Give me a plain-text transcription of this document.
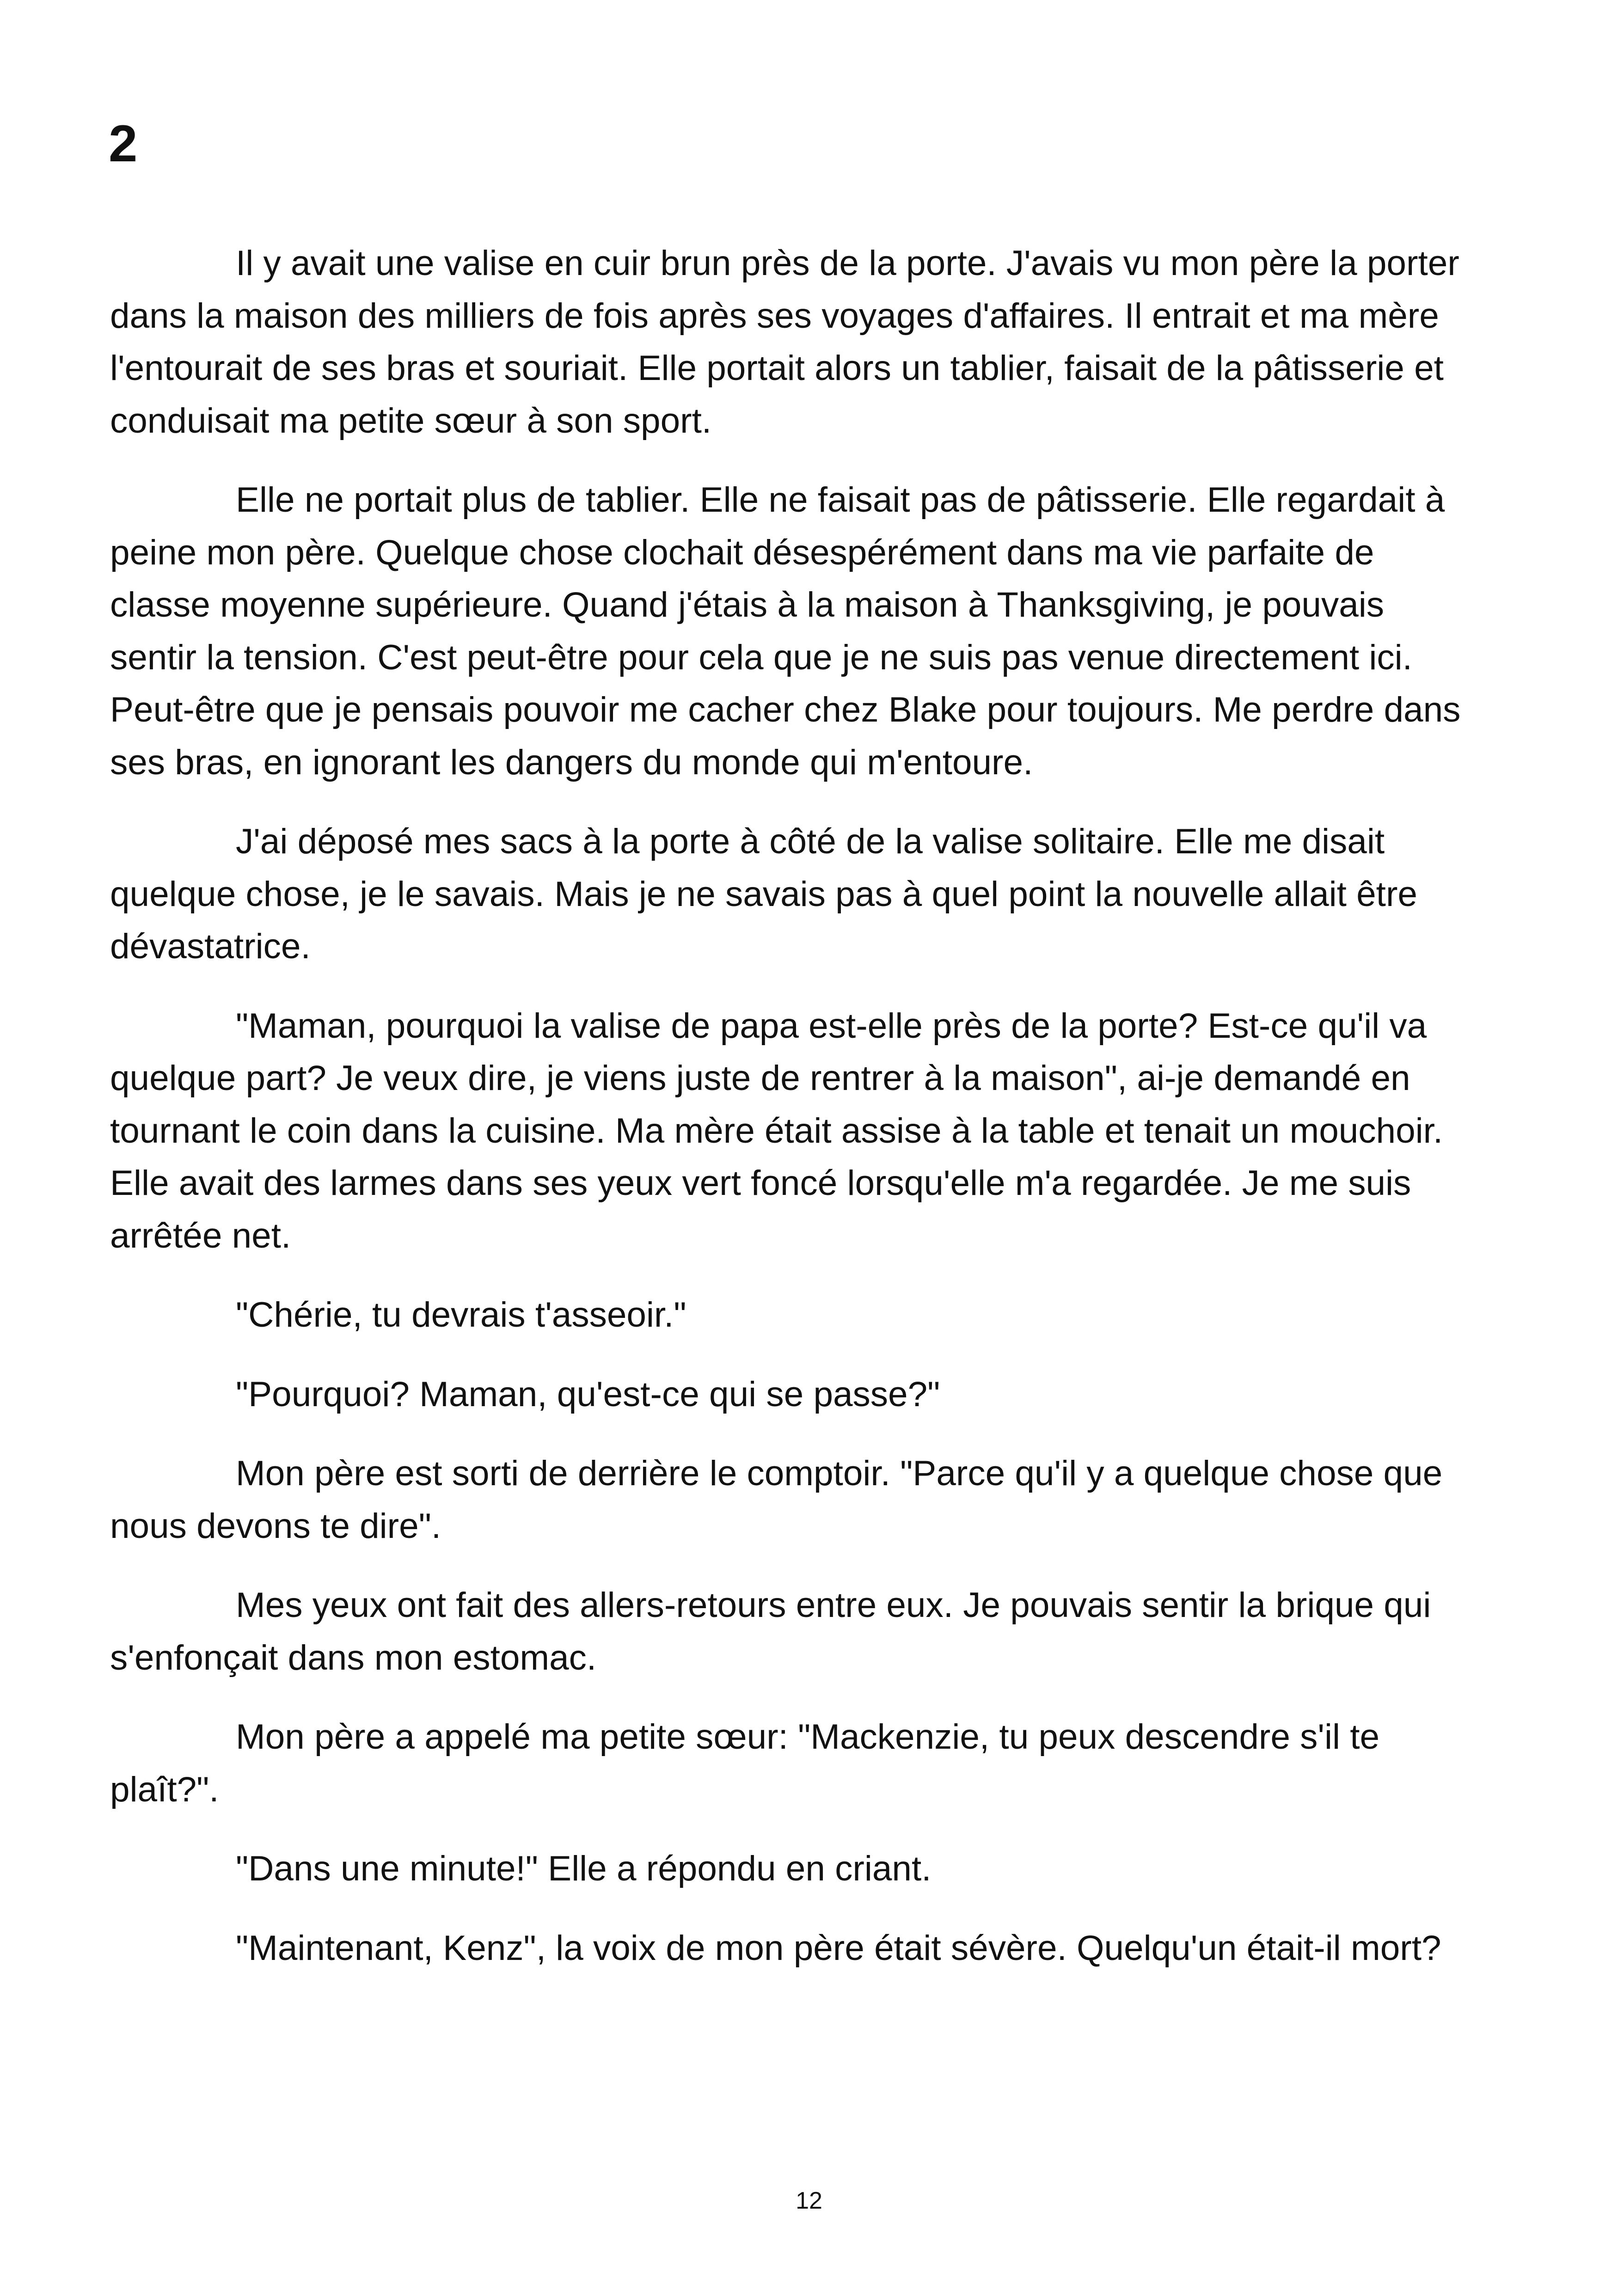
2

Il y avait une valise en cuir brun près de la porte. J'avais vu mon père la porter dans la maison des milliers de fois après ses voyages d'affaires. Il entrait et ma mère l'entourait de ses bras et souriait. Elle portait alors un tablier, faisait de la pâtisserie et conduisait ma petite sœur à son sport.

Elle ne portait plus de tablier. Elle ne faisait pas de pâtisserie. Elle regardait à peine mon père. Quelque chose clochait désespérément dans ma vie parfaite de classe moyenne supérieure. Quand j'étais à la maison à Thanksgiving, je pouvais sentir la tension. C'est peut-être pour cela que je ne suis pas venue directement ici. Peut-être que je pensais pouvoir me cacher chez Blake pour toujours. Me perdre dans ses bras, en ignorant les dangers du monde qui m'entoure.

J'ai déposé mes sacs à la porte à côté de la valise solitaire. Elle me disait quelque chose, je le savais. Mais je ne savais pas à quel point la nouvelle allait être dévastatrice.

"Maman, pourquoi la valise de papa est-elle près de la porte? Est-ce qu'il va quelque part? Je veux dire, je viens juste de rentrer à la maison", ai-je demandé en tournant le coin dans la cuisine. Ma mère était assise à la table et tenait un mouchoir. Elle avait des larmes dans ses yeux vert foncé lorsqu'elle m'a regardée. Je me suis arrêtée net.

"Chérie, tu devrais t'asseoir."

"Pourquoi? Maman, qu'est-ce qui se passe?"

Mon père est sorti de derrière le comptoir. "Parce qu'il y a quelque chose que nous devons te dire".

Mes yeux ont fait des allers-retours entre eux. Je pouvais sentir la brique qui s'enfonçait dans mon estomac.

Mon père a appelé ma petite sœur: "Mackenzie, tu peux descendre s'il te plaît?".

"Dans une minute!" Elle a répondu en criant.

"Maintenant, Kenz", la voix de mon père était sévère. Quelqu'un était-il mort?

12
